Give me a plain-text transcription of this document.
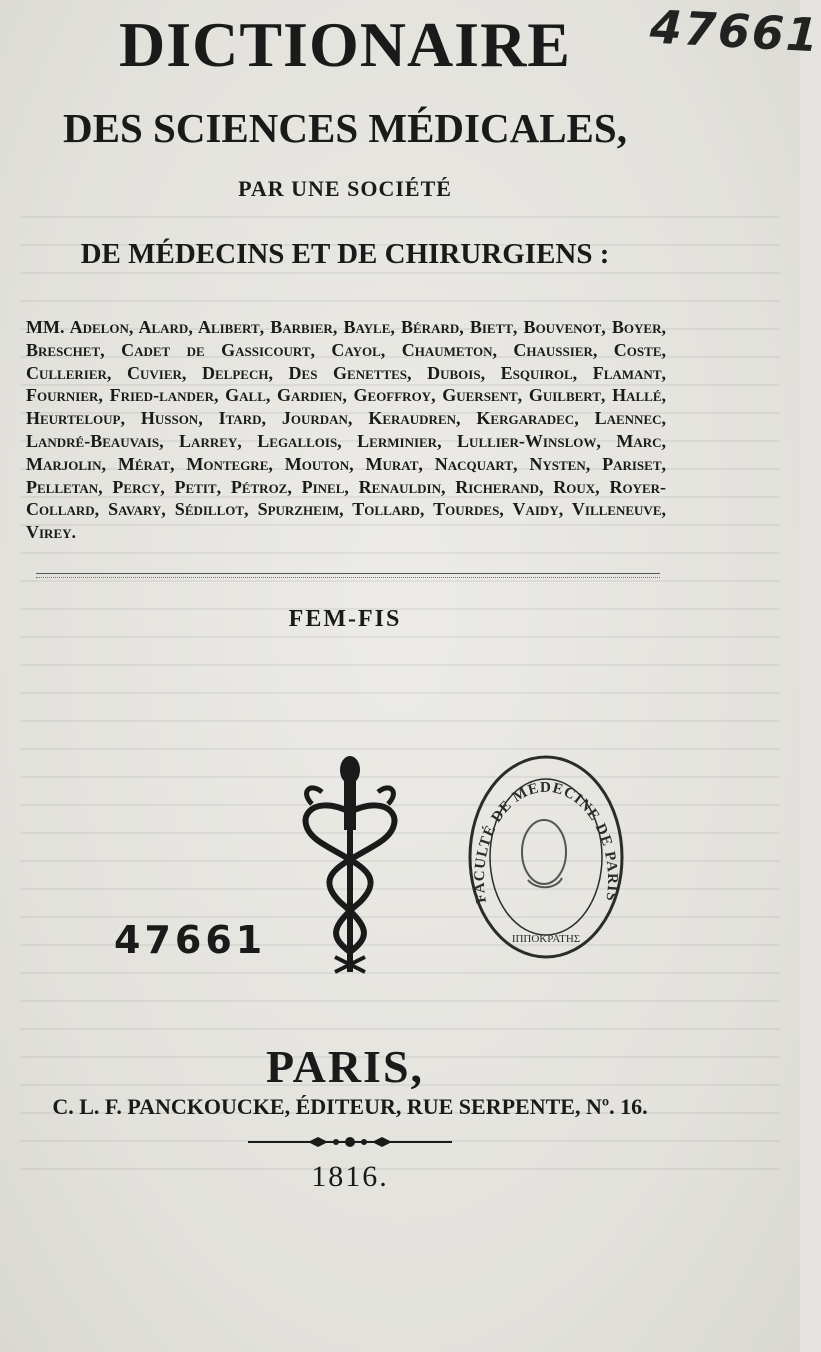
47661
DICTIONAIRE
DES SCIENCES MÉDICALES,
PAR UNE SOCIÉTÉ
DE MÉDECINS ET DE CHIRURGIENS :
MM. Adelon, Alard, Alibert, Barbier, Bayle, Bérard, Biett, Bouvenot, Boyer, Breschet, Cadet de Gassicourt, Cayol, Chaumeton, Chaussier, Coste, Cullerier, Cuvier, Delpech, Des Genettes, Dubois, Esquirol, Flamant, Fournier, Fried-lander, Gall, Gardien, Geoffroy, Guersent, Guilbert, Hallé, Heurteloup, Husson, Itard, Jourdan, Keraudren, Kergaradec, Laennec, Landré-Beauvais, Larrey, Legallois, Lerminier, Lullier-Winslow, Marc, Marjolin, Mérat, Montegre, Mouton, Murat, Nacquart, Nysten, Pariset, Pelletan, Percy, Petit, Pétroz, Pinel, Renauldin, Richerand, Roux, Royer-Collard, Savary, Sédillot, Spurzheim, Tollard, Tourdes, Vaidy, Villeneuve, Virey.
FEM-FIS
47661
FACULTÉ DE MÉDECINE DE PARIS
ΙΠΠΟΚΡΑΤΗΣ
PARIS,
C. L. F. PANCKOUCKE, ÉDITEUR, RUE SERPENTE, Nº. 16.
1816.
